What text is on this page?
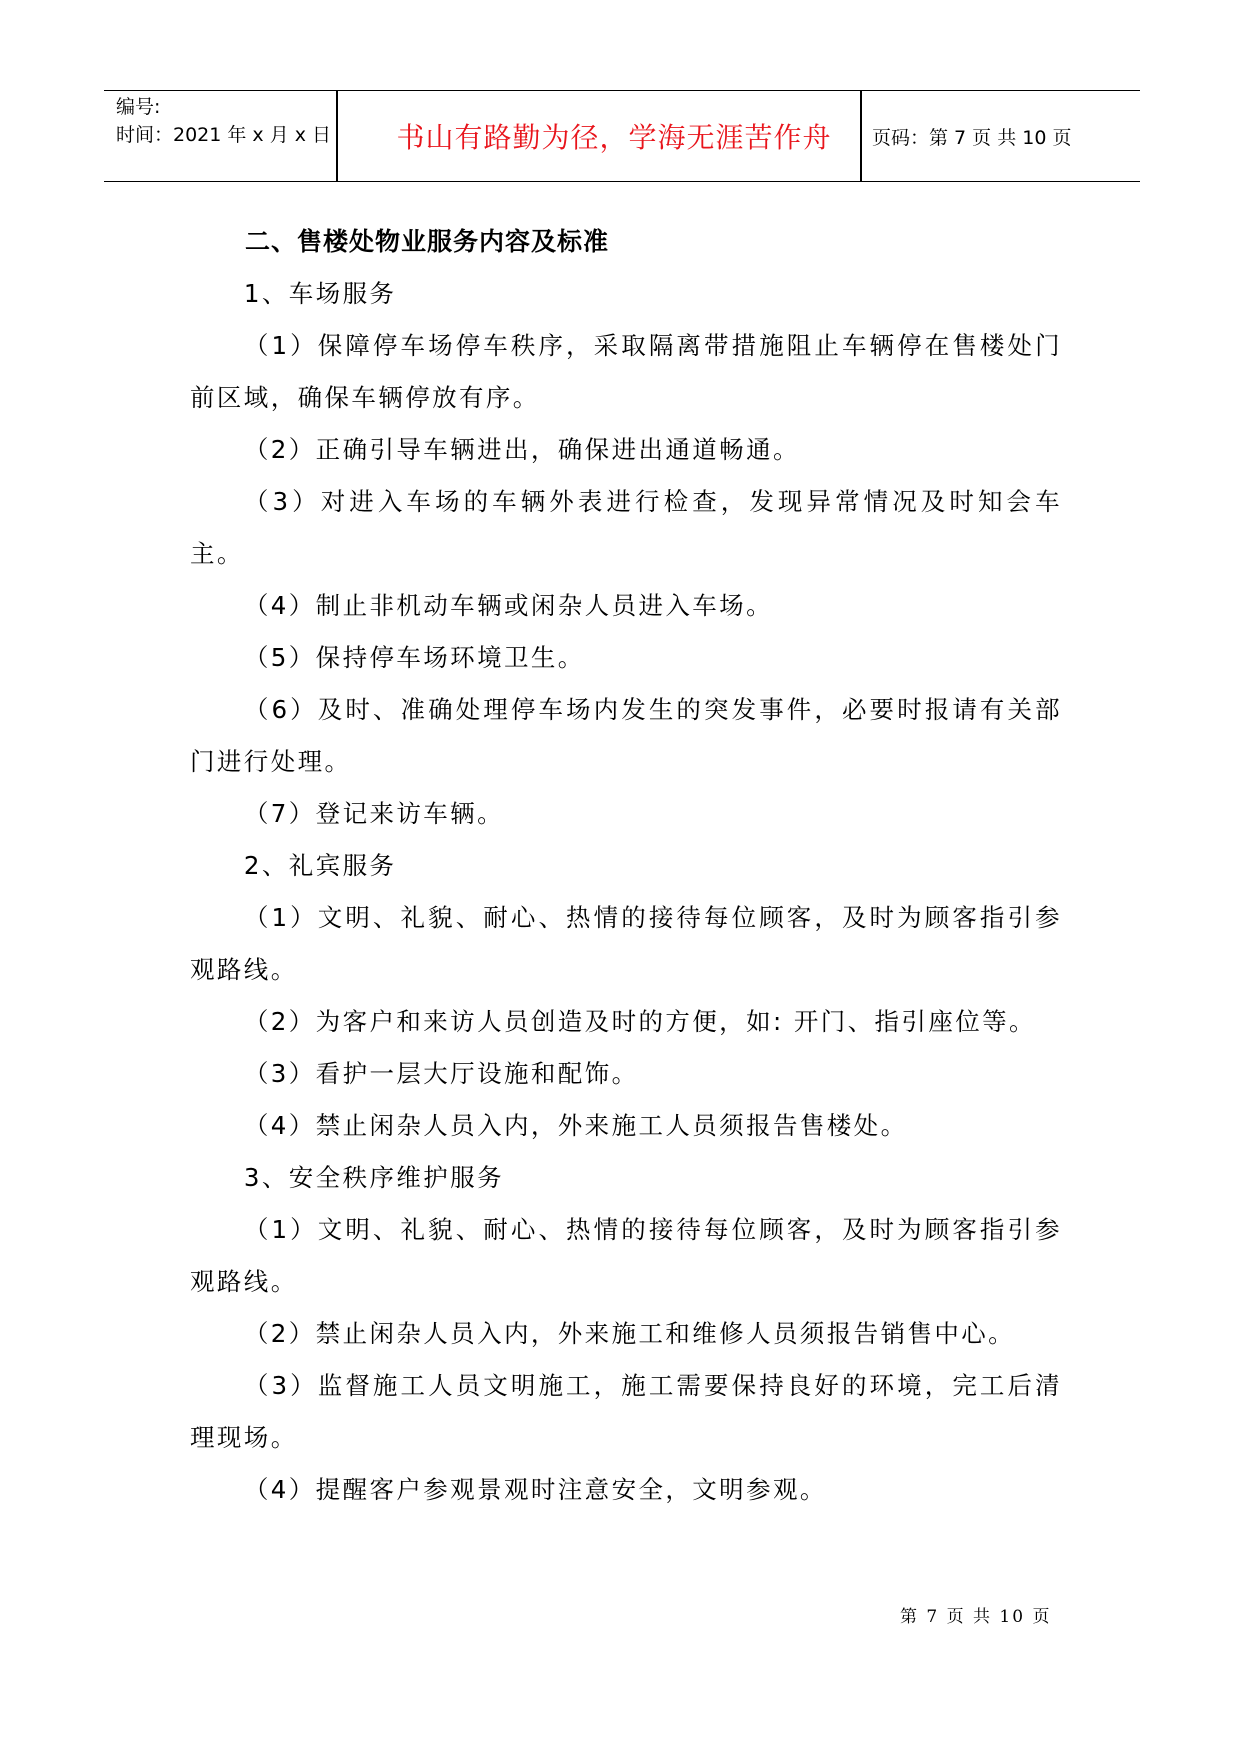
编号:
时间：2021 年 x 月 x 日	书山有路勤为径，学海无涯苦作舟	页码：第 7 页 共 10 页

二、售楼处物业服务内容及标准

1、车场服务

（1）保障停车场停车秩序，采取隔离带措施阻止车辆停在售楼处门前区域，确保车辆停放有序。

（2）正确引导车辆进出，确保进出通道畅通。

（3）对进入车场的车辆外表进行检查，发现异常情况及时知会车主。

（4）制止非机动车辆或闲杂人员进入车场。

（5）保持停车场环境卫生。

（6）及时、准确处理停车场内发生的突发事件，必要时报请有关部门进行处理。

（7）登记来访车辆。

2、礼宾服务

（1）文明、礼貌、耐心、热情的接待每位顾客，及时为顾客指引参观路线。

（2）为客户和来访人员创造及时的方便，如: 开门、指引座位等。

（3）看护一层大厅设施和配饰。

（4）禁止闲杂人员入内，外来施工人员须报告售楼处。

3、安全秩序维护服务

（1）文明、礼貌、耐心、热情的接待每位顾客，及时为顾客指引参观路线。

（2）禁止闲杂人员入内，外来施工和维修人员须报告销售中心。

（3）监督施工人员文明施工，施工需要保持良好的环境，完工后清理现场。

（4）提醒客户参观景观时注意安全，文明参观。

第 7 页 共 10 页
